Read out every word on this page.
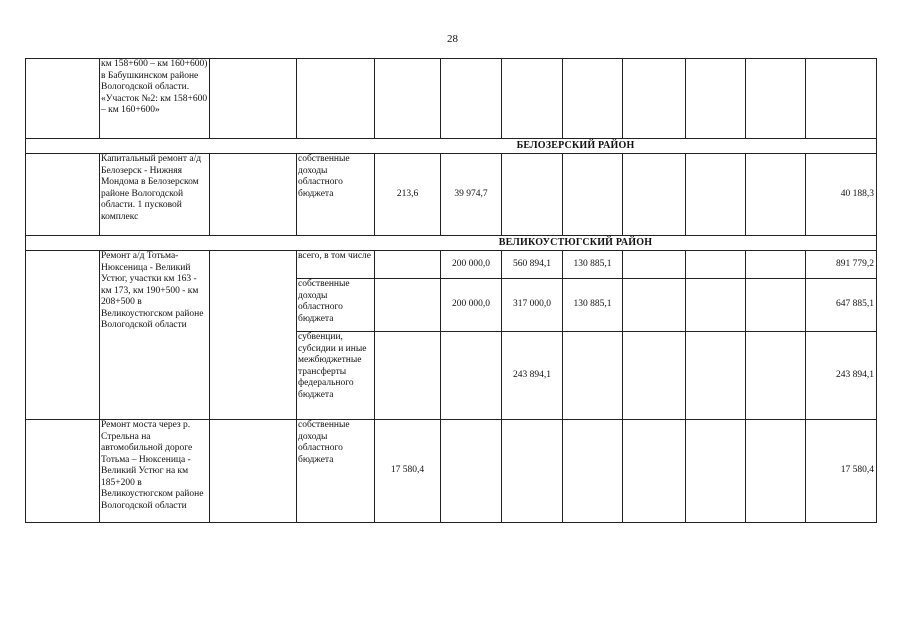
28
	км 158+600 – км 160+600) в Бабушкинском районе Вологодской области. «Участок №2: км 158+600 – км 160+600»										
БЕЛОЗЕРСКИЙ РАЙОН											
	Капитальный ремонт а/д Белозерск - Нижняя Мондома в Белозерском районе Вологодской области. 1 пусковой комплекс		собственные доходы областного бюджета	213,6	39 974,7						40 188,3
ВЕЛИКОУСТЮГСКИЙ РАЙОН											
	Ремонт а/д Тотьма-Нюксеница - Великий Устюг, участки км 163 - км 173, км 190+500 - км 208+500 в Великоустюгском районе Вологодской области		всего, в том числе		200 000,0	560 894,1	130 885,1				891 779,2
			собственные доходы областного бюджета		200 000,0	317 000,0	130 885,1				647 885,1
			субвенции, субсидии и иные межбюджетные трансферты федерального бюджета			243 894,1					243 894,1
	Ремонт моста через р. Стрельна на автомобильной дороге Тотьма – Нюксеница - Великий Устюг на км 185+200 в Великоустюгском районе Вологодской области		собственные доходы областного бюджета	17 580,4							17 580,4
